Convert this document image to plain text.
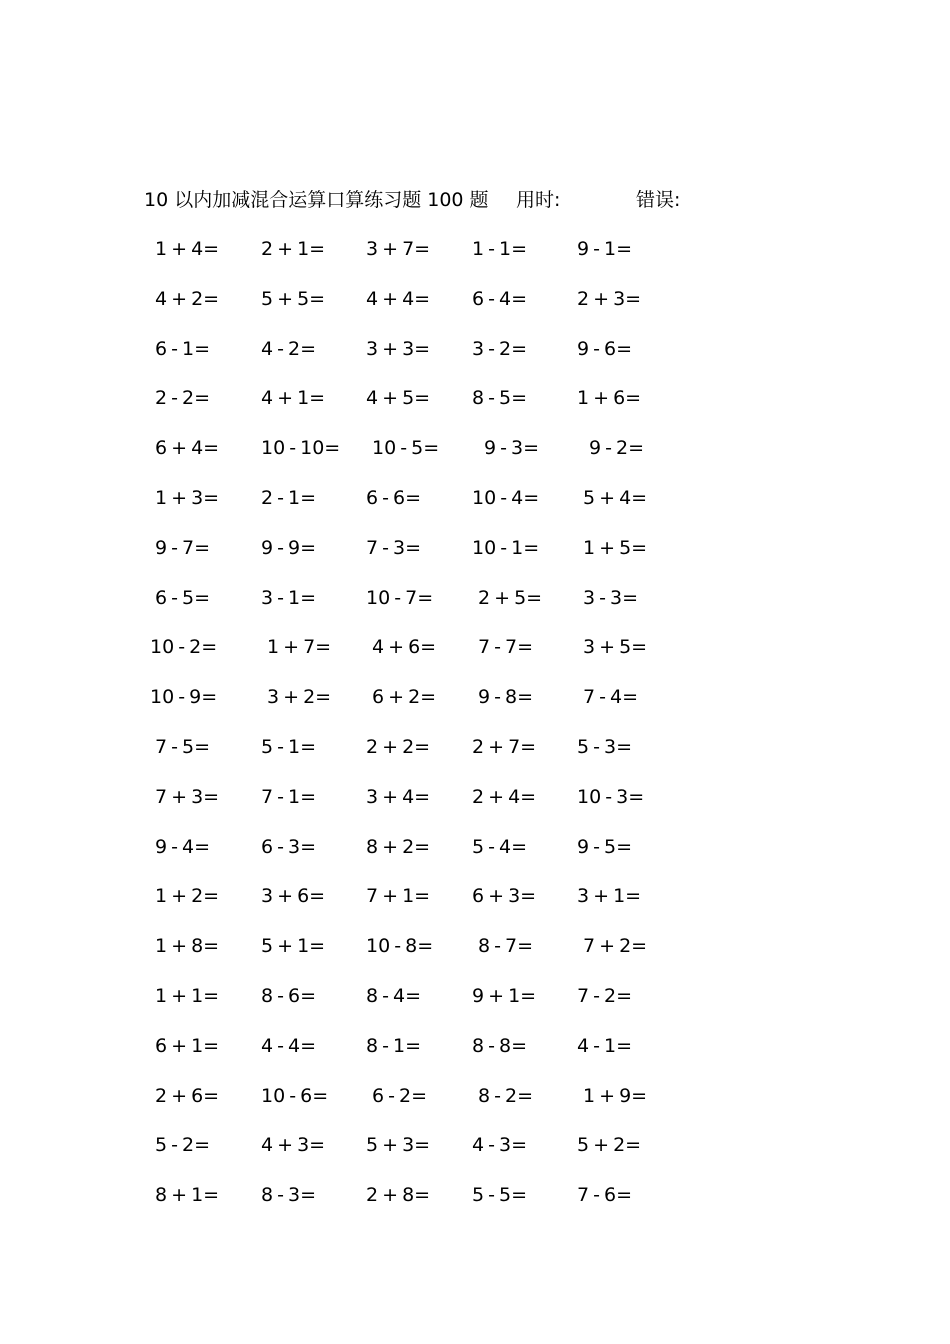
10 以内加减混合运算口算练习题 100 题 用时:	错误:
1 + 4= 2 + 1= 3 + 7= 1 - 1=	9 - 1=
4 + 2= 5 + 5= 4 + 4= 6 - 4=	2 + 3=
6 - 1=	4 - 2=	3 + 3= 3 - 2=	9 - 6=
2 - 2=	4 + 1= 4 + 5= 8 - 5=	1 + 6=
6 + 4= 10 - 10= 10 - 5= 9 - 3=	9 - 2=
1 + 3= 2 - 1=	6 - 6=	10 - 4= 5 + 4=
9 - 7=	9 - 9=	7 - 3=	10 - 1= 1 + 5=
6 - 5=	3 - 1=	10 - 7= 2 + 5= 3 - 3=
10 - 2=	1 + 7= 4 + 6= 7 - 7=	3 + 5=
10 - 9=	3 + 2= 6 + 2= 9 - 8=	7 - 4=
7 - 5=	5 - 1=	2 + 2= 2 + 7= 5 - 3=
7 + 3= 7 - 1=	3 + 4= 2 + 4= 10 - 3=
9 - 4=	6 - 3=	8 + 2= 5 - 4=	9 - 5=
1 + 2= 3 + 6= 7 + 1= 6 + 3= 3 + 1=
1 + 8= 5 + 1= 10 - 8= 8 - 7=	7 + 2=
1 + 1= 8 - 6=	8 - 4=	9 + 1= 7 - 2=
6 + 1= 4 - 4=	8 - 1=	8 - 8=	4 - 1=
2 + 6= 10 - 6= 6 - 2=	8 - 2=	1 + 9=
5 - 2=	4 + 3= 5 + 3= 4 - 3=	5 + 2=
8 + 1= 8 - 3=	2 + 8= 5 - 5=	7 - 6=
